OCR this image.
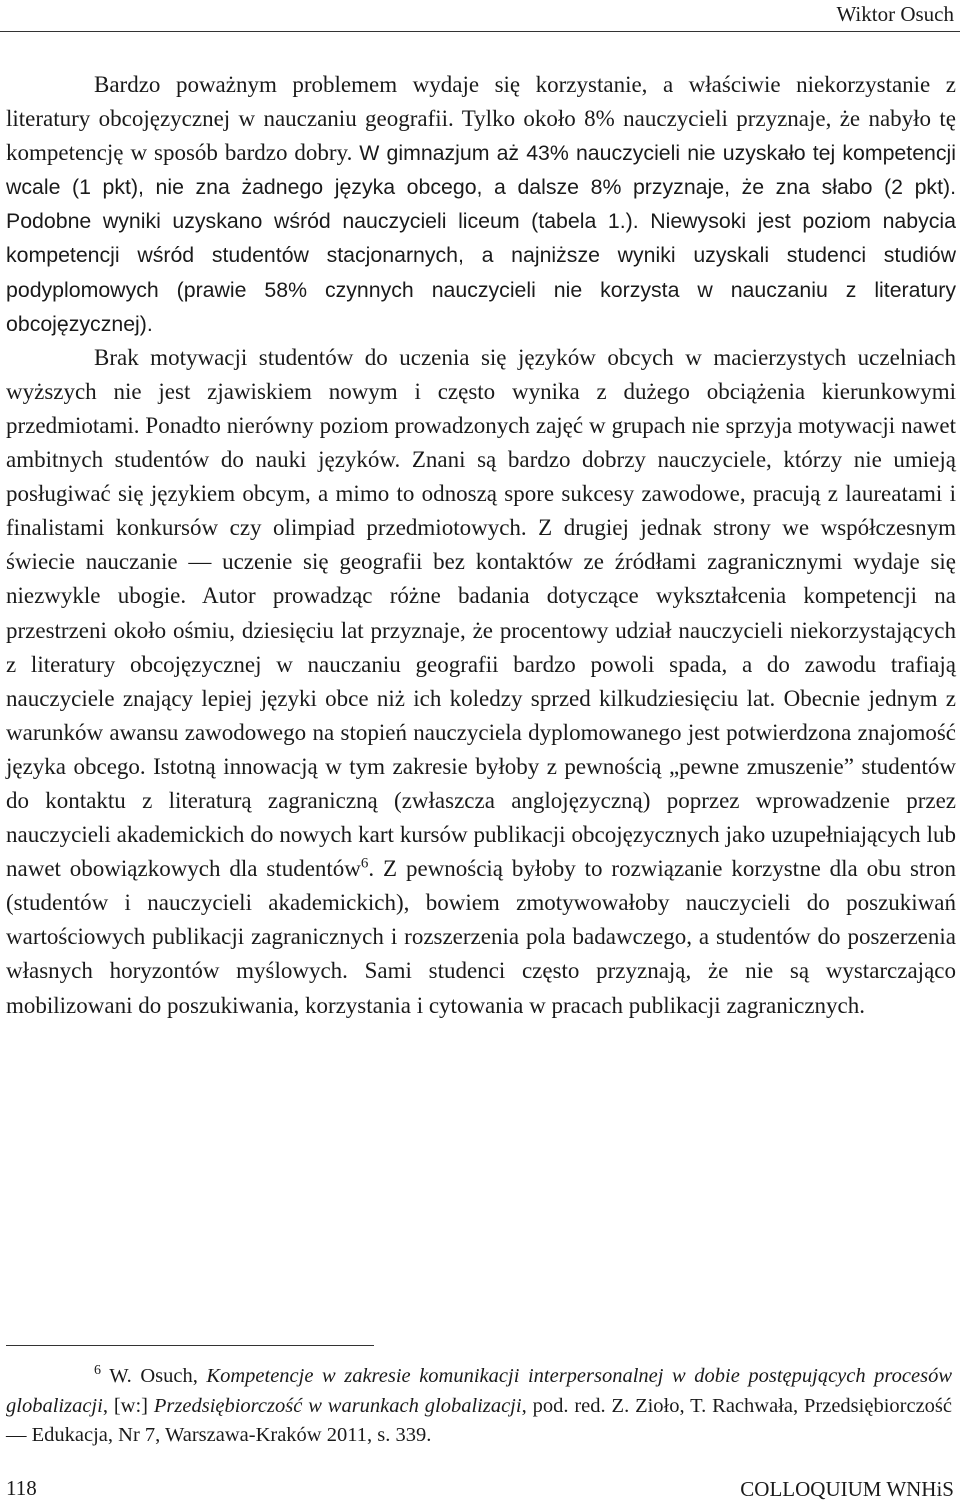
Wiktor Osuch

Bardzo poważnym problemem wydaje się korzystanie, a właściwie niekorzystanie z literatury obcojęzycznej w nauczaniu geografii. Tylko około 8% nauczycieli przyznaje, że nabyło tę kompetencję w sposób bardzo dobry. W gimnazjum aż 43% nauczycieli nie uzyskało tej kompetencji wcale (1 pkt), nie zna żadnego języka obcego, a dalsze 8% przyznaje, że zna słabo (2 pkt). Podobne wyniki uzyskano wśród nauczycieli liceum (tabela 1.). Niewysoki jest poziom nabycia kompetencji wśród studentów stacjonarnych, a najniższe wyniki uzyskali studenci studiów podyplomowych (prawie 58% czynnych nauczycieli nie korzysta w nauczaniu z literatury obcojęzycznej).

Brak motywacji studentów do uczenia się języków obcych w macierzystych uczelniach wyższych nie jest zjawiskiem nowym i często wynika z dużego obciążenia kierunkowymi przedmiotami. Ponadto nierówny poziom prowadzonych zajęć w grupach nie sprzyja motywacji nawet ambitnych studentów do nauki języków. Znani są bardzo dobrzy nauczyciele, którzy nie umieją posługiwać się językiem obcym, a mimo to odnoszą spore sukcesy zawodowe, pracują z laureatami i finalistami konkursów czy olimpiad przedmiotowych. Z drugiej jednak strony we współczesnym świecie nauczanie — uczenie się geografii bez kontaktów ze źródłami zagranicznymi wydaje się niezwykle ubogie. Autor prowadząc różne badania dotyczące wykształcenia kompetencji na przestrzeni około ośmiu, dziesięciu lat przyznaje, że procentowy udział nauczycieli niekorzystających z literatury obcojęzycznej w nauczaniu geografii bardzo powoli spada, a do zawodu trafiają nauczyciele znający lepiej języki obce niż ich koledzy sprzed kilkudziesięciu lat. Obecnie jednym z warunków awansu zawodowego na stopień nauczyciela dyplomowanego jest potwierdzona znajomość języka obcego. Istotną innowacją w tym zakresie byłoby z pewnością „pewne zmuszenie” studentów do kontaktu z literaturą zagraniczną (zwłaszcza anglojęzyczną) poprzez wprowadzenie przez nauczycieli akademickich do nowych kart kursów publikacji obcojęzycznych jako uzupełniających lub nawet obowiązkowych dla studentów$^6$. Z pewnością byłoby to rozwiązanie korzystne dla obu stron (studentów i nauczycieli akademickich), bowiem zmotywowałoby nauczycieli do poszukiwań wartościowych publikacji zagranicznych i rozszerzenia pola badawczego, a studentów do poszerzenia własnych horyzontów myślowych. Sami studenci często przyznają, że nie są wystarczająco mobilizowani do poszukiwania, korzystania i cytowania w pracach publikacji zagranicznych.

$^6$ W. Osuch, Kompetencje w zakresie komunikacji interpersonalnej w dobie postępujących procesów globalizacji, [w:] Przedsiębiorczość w warunkach globalizacji, pod. red. Z. Zioło, T. Rachwała, Przedsiębiorczość — Edukacja, Nr 7, Warszawa-Kraków 2011, s. 339.

118	COLLOQUIUM WNHiS
